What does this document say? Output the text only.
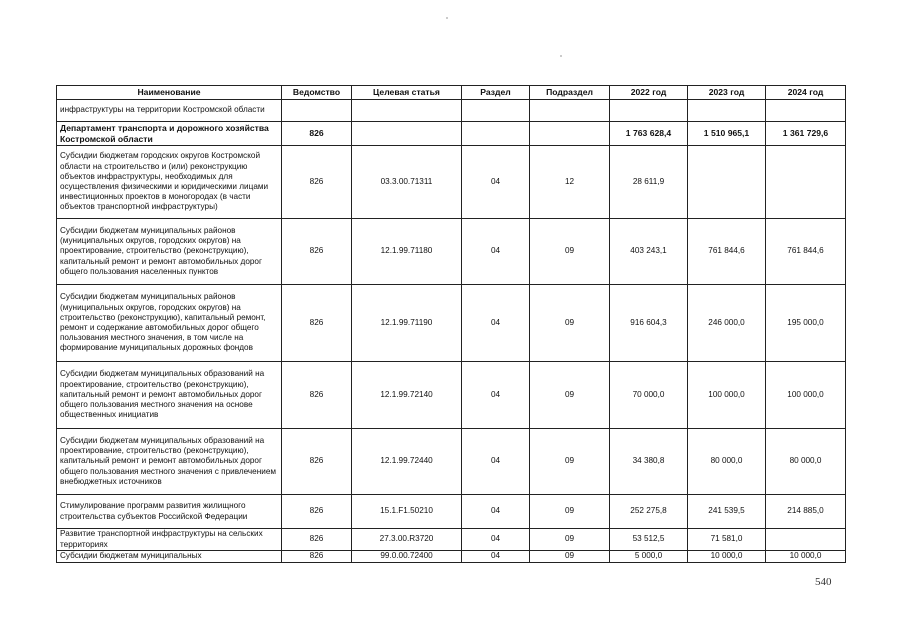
Наименование	Ведомство	Целевая статья	Раздел	Подраздел	2022 год	2023 год	2024 год
инфраструктуры на территории Костромской области							
Департамент транспорта и дорожного хозяйства Костромской области	826				1 763 628,4	1 510 965,1	1 361 729,6
Субсидии бюджетам городских округов Костромской области на строительство и (или) реконструкцию объектов инфраструктуры, необходимых для осуществления физическими и юридическими лицами инвестиционных проектов в моногородах (в части объектов транспортной инфраструктуры)	826	03.3.00.71311	04	12	28 611,9		
Субсидии бюджетам муниципальных районов (муниципальных округов, городских округов) на проектирование, строительство (реконструкцию), капитальный ремонт и ремонт автомобильных дорог общего пользования населенных пунктов	826	12.1.99.71180	04	09	403 243,1	761 844,6	761 844,6
Субсидии бюджетам муниципальных районов (муниципальных округов, городских округов) на строительство (реконструкцию), капитальный ремонт, ремонт и содержание автомобильных дорог общего пользования местного значения, в том числе на формирование муниципальных дорожных фондов	826	12.1.99.71190	04	09	916 604,3	246 000,0	195 000,0
Субсидии бюджетам муниципальных образований на проектирование, строительство (реконструкцию), капитальный ремонт и ремонт автомобильных дорог общего пользования местного значения на основе общественных инициатив	826	12.1.99.72140	04	09	70 000,0	100 000,0	100 000,0
Субсидии бюджетам муниципальных образований на проектирование, строительство (реконструкцию), капитальный ремонт и ремонт автомобильных дорог общего пользования местного значения с привлечением внебюджетных источников	826	12.1.99.72440	04	09	34 380,8	80 000,0	80 000,0
Стимулирование программ развития жилищного строительства субъектов Российской Федерации	826	15.1.F1.50210	04	09	252 275,8	241 539,5	214 885,0
Развитие транспортной инфраструктуры на сельских территориях	826	27.3.00.R3720	04	09	53 512,5	71 581,0	
Субсидии бюджетам муниципальных	826	99.0.00.72400	04	09	5 000,0	10 000,0	10 000,0
540
